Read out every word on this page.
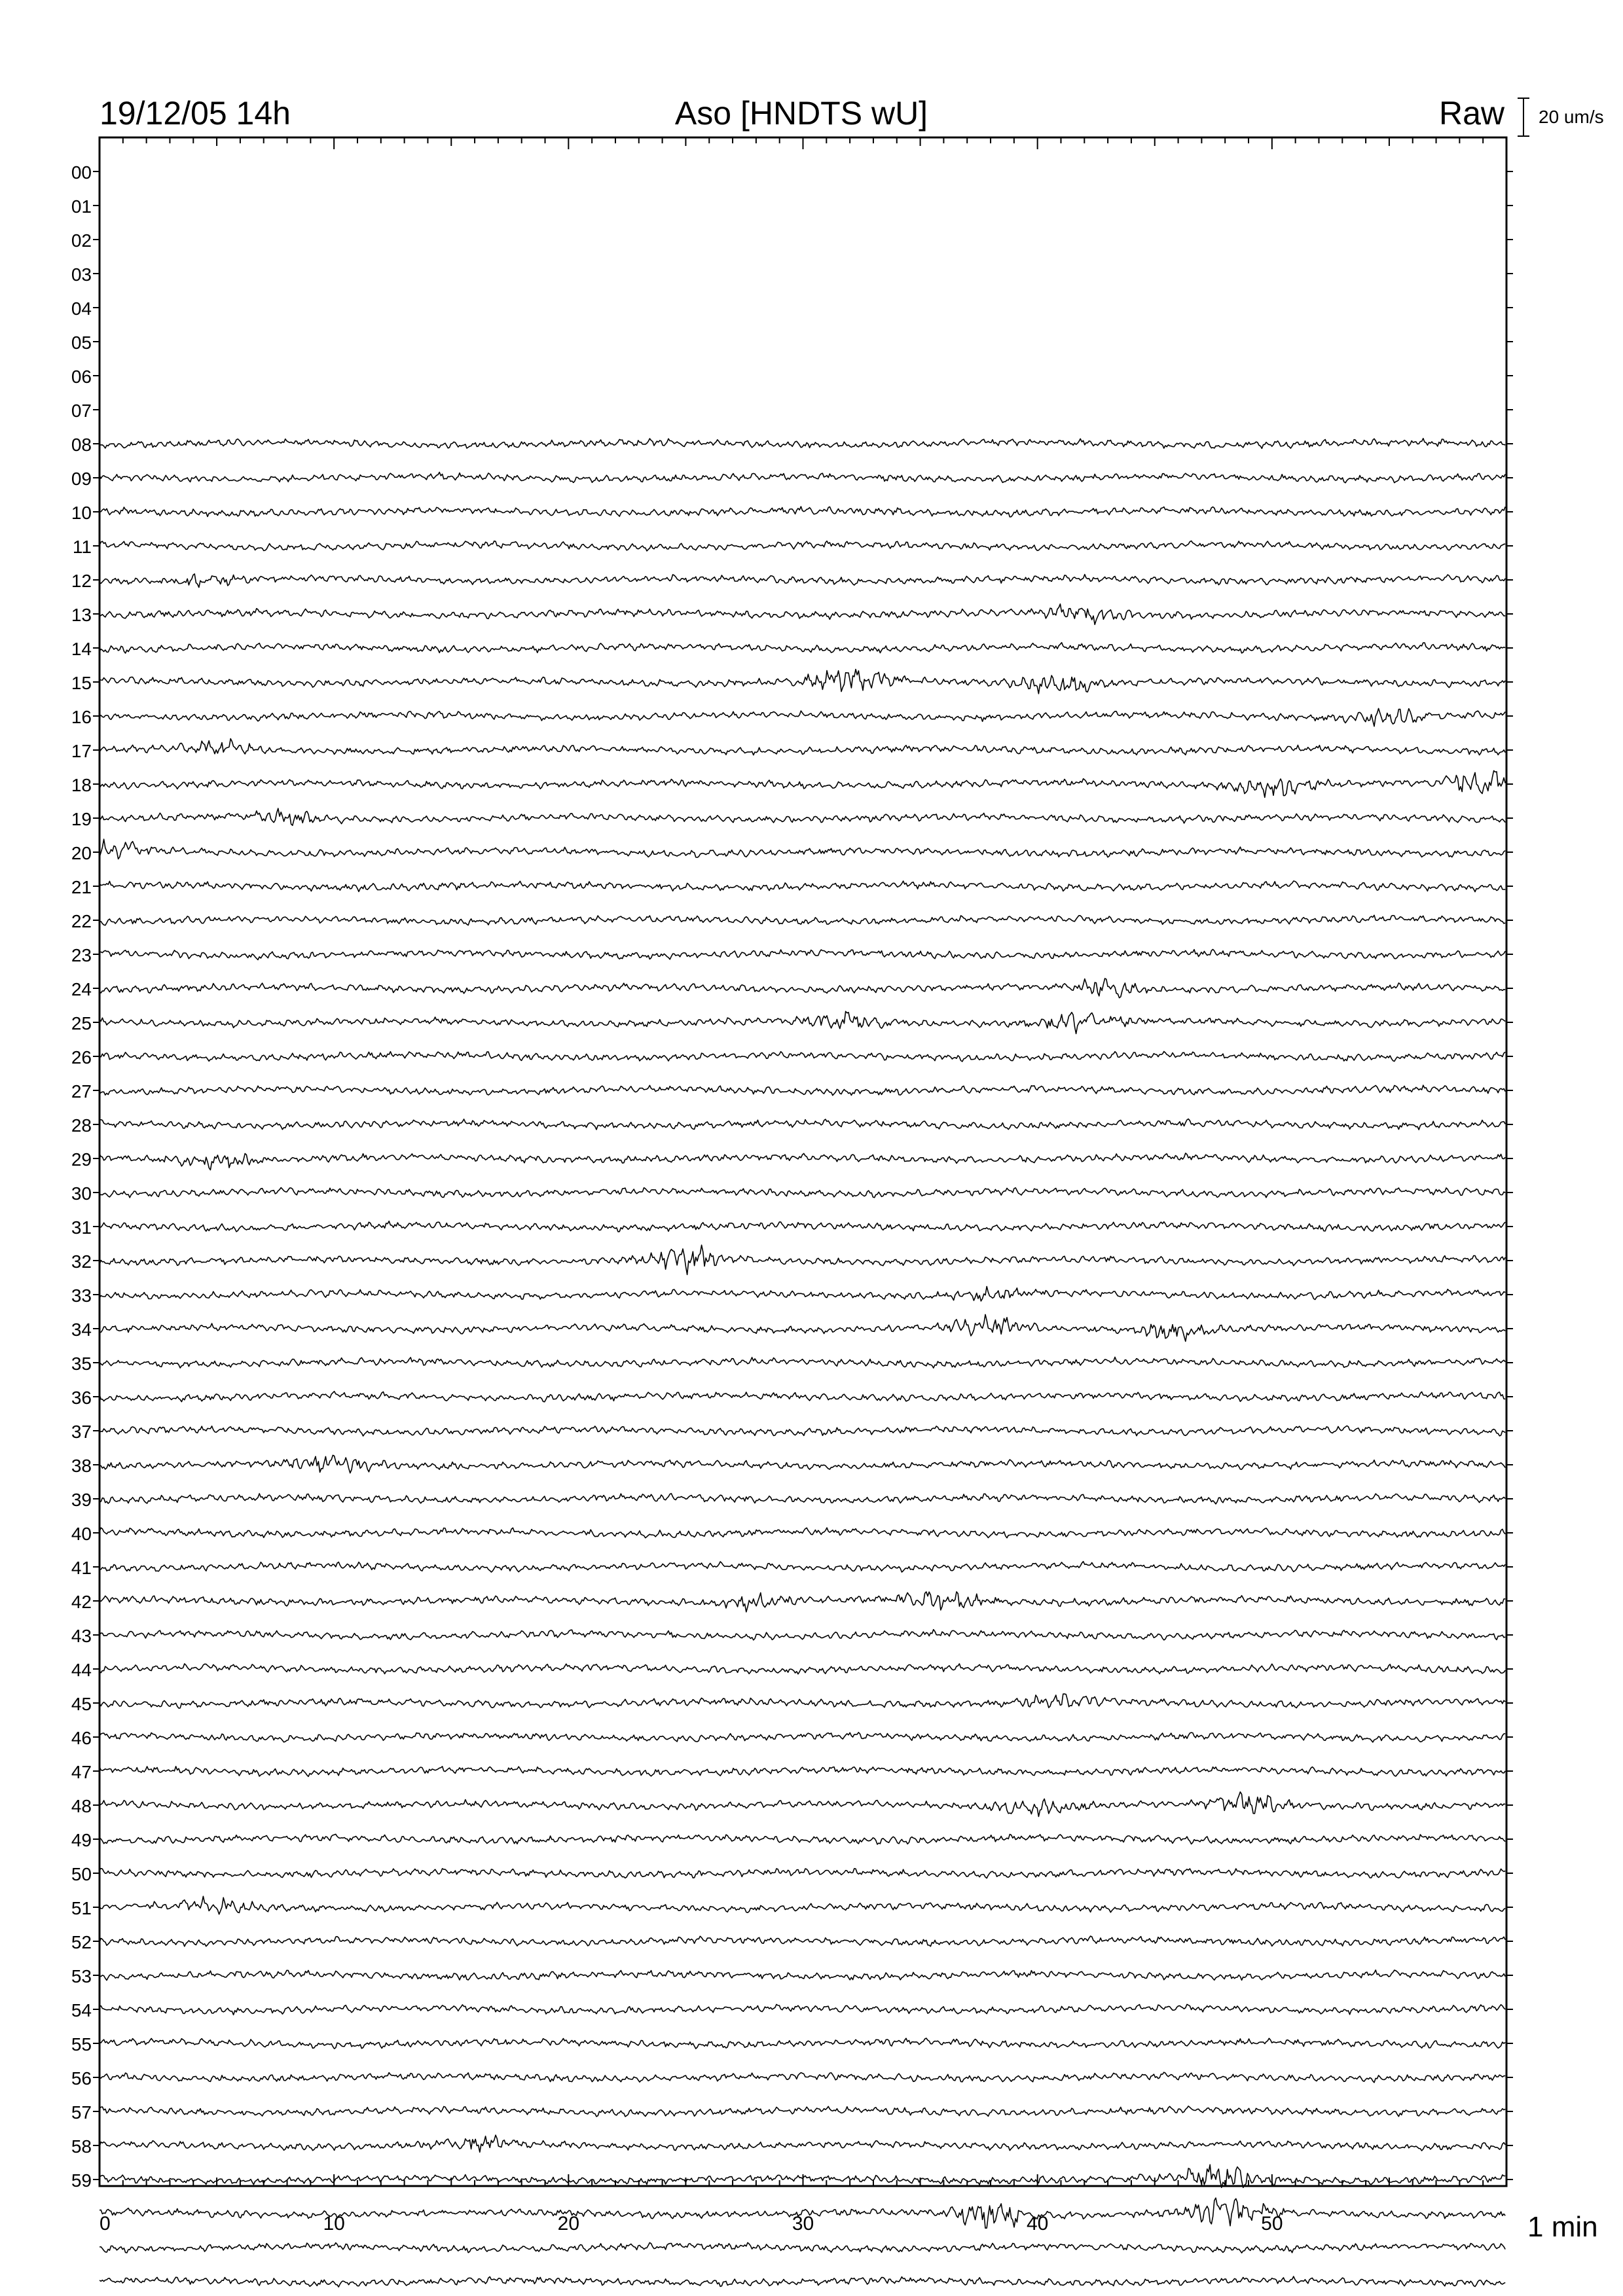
19/12/05 14h	Aso [HNDTS wU]	Raw 20 um/s
00
01
02
03
04
05
06
07
08
09
10
11
12
13
14
15
16
17
18
19
20
21
22
23
24
25
26
27
28
29
30
31
32
33
34
35
36
37
38
39
40
41
42
43
44
45
46
47
48
49
50
51
52
53
54
55
56
57
58
59
0	10	20	30	40	50	1 min
